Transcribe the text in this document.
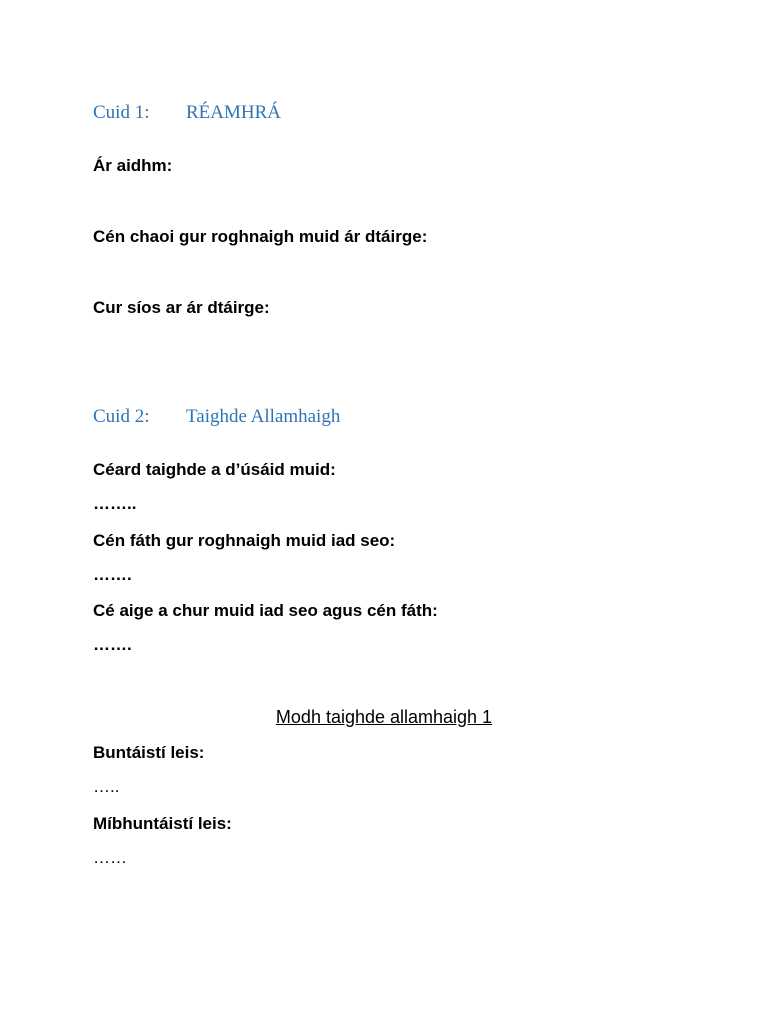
Cuid 1: RÉAMHRÁ
Ár aidhm:
Cén chaoi gur roghnaigh muid ár dtáirge:
Cur síos ar ár dtáirge:
Cuid 2: Taighde Allamhaigh
Céard taighde a d’úsáid muid:
……..
Cén fáth gur roghnaigh muid iad seo:
…….
Cé aige a chur muid iad seo agus cén fáth:
…….
Modh taighde allamhaigh 1
Buntáistí leis:
…..
Míbhuntáistí leis:
……
